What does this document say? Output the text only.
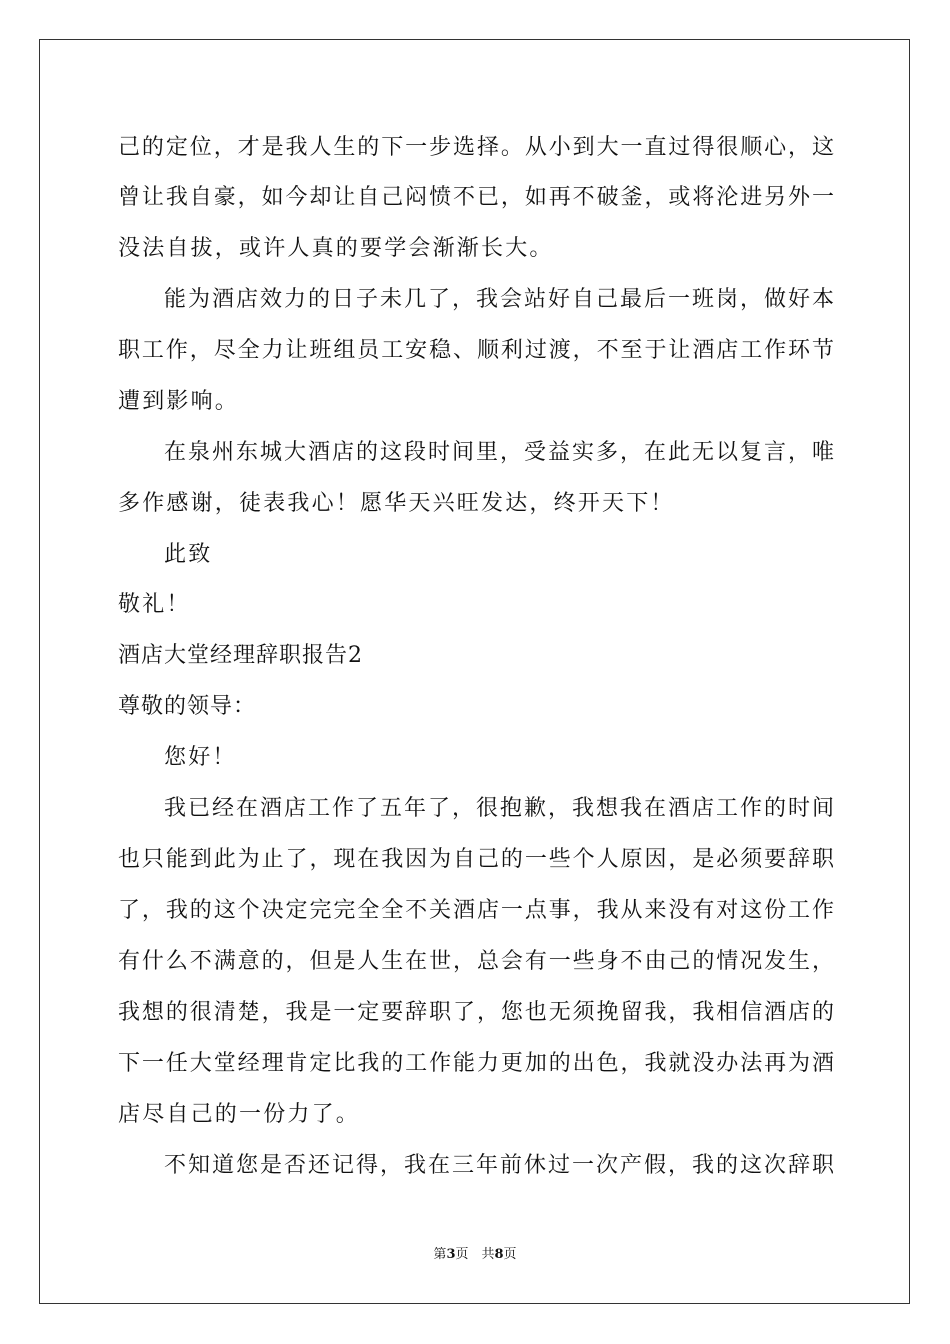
己的定位，才是我人生的下一步选择。从小到大一直过得很顺心，这
曾让我自豪，如今却让自己闷愤不已，如再不破釜，或将沦进另外一
没法自拔，或许人真的要学会渐渐长大。
能为酒店效力的日子未几了，我会站好自己最后一班岗，做好本
职工作，尽全力让班组员工安稳、顺利过渡，不至于让酒店工作环节
遭到影响。
在泉州东城大酒店的这段时间里，受益实多，在此无以复言，唯
多作感谢，徒表我心！愿华天兴旺发达，终开天下！
此致
敬礼！
酒店大堂经理辞职报告2
尊敬的领导：
您好！
我已经在酒店工作了五年了，很抱歉，我想我在酒店工作的时间
也只能到此为止了，现在我因为自己的一些个人原因，是必须要辞职
了，我的这个决定完完全全不关酒店一点事，我从来没有对这份工作
有什么不满意的，但是人生在世，总会有一些身不由己的情况发生，
我想的很清楚，我是一定要辞职了，您也无须挽留我，我相信酒店的
下一任大堂经理肯定比我的工作能力更加的出色，我就没办法再为酒
店尽自己的一份力了。
不知道您是否还记得，我在三年前休过一次产假，我的这次辞职
第3页　共8页
